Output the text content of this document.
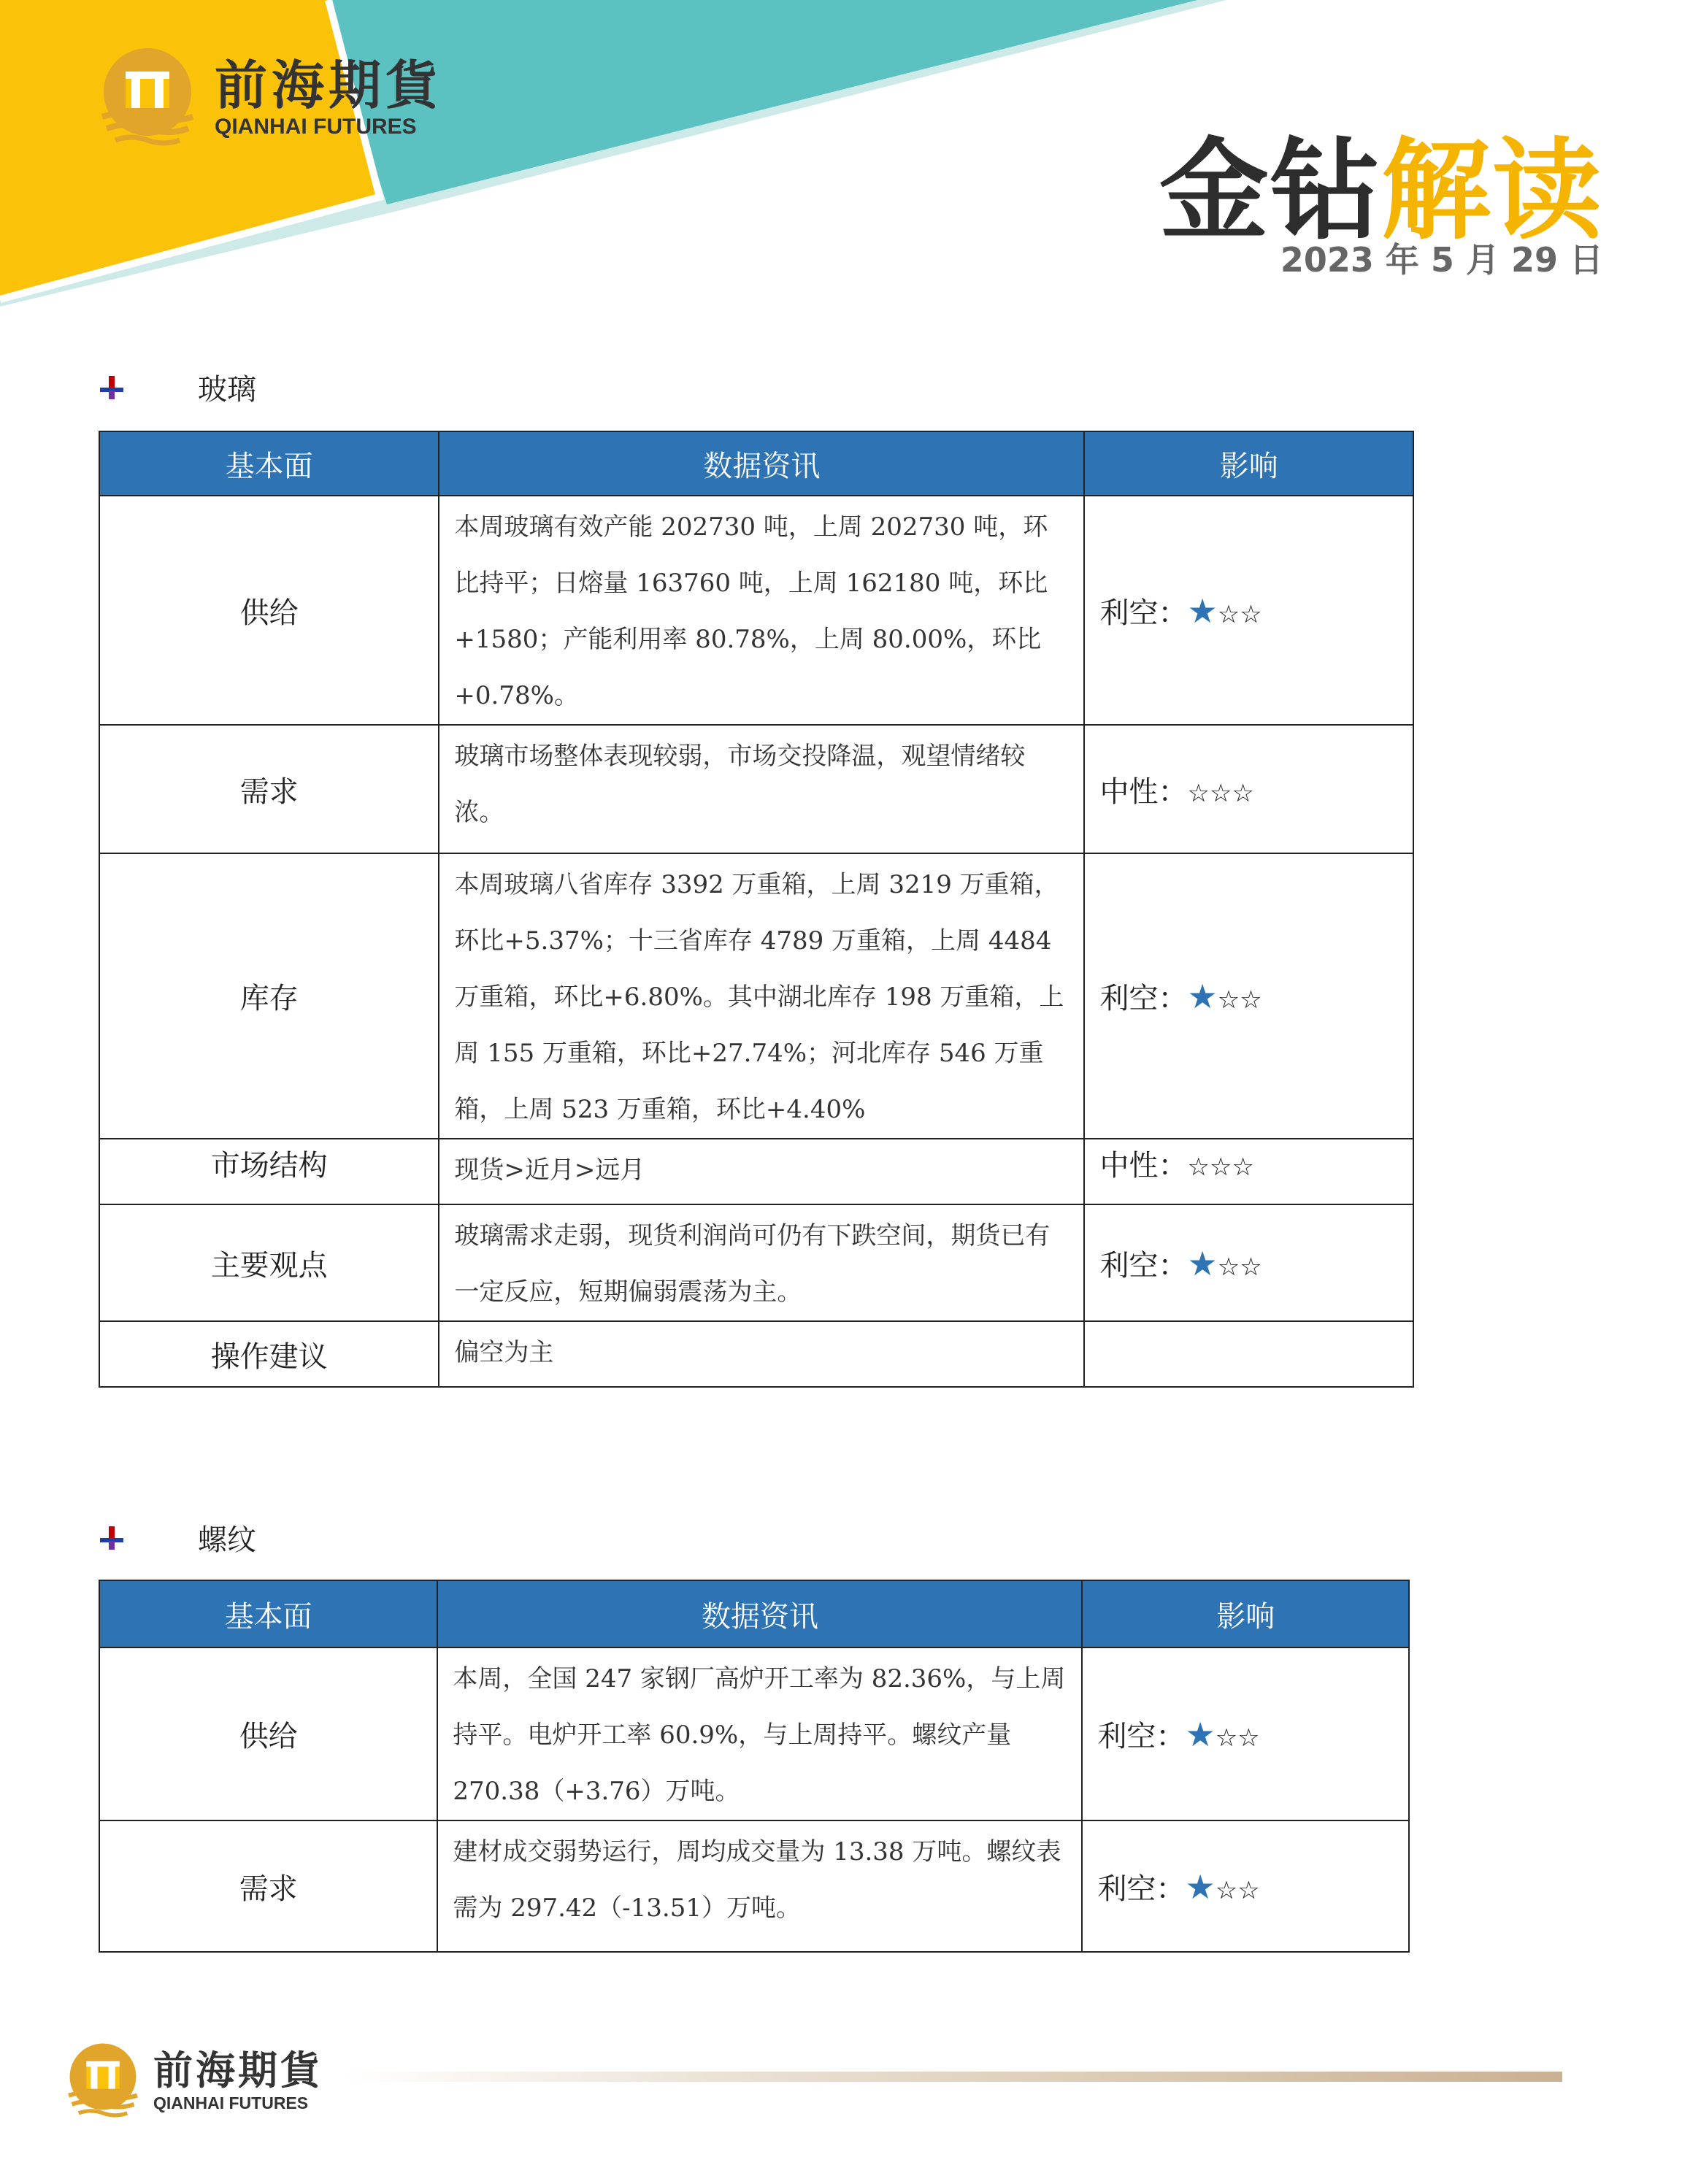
前海期貨
QIANHAI FUTURES
金钻解读
2023 年 5 月 29 日
玻璃
基本面	数据资讯	影响
供给	本周玻璃有效产能 202730 吨，上周 202730 吨，环比持平；日熔量 163760 吨，上周 162180 吨，环比+1580；产能利用率 80.78%，上周 80.00%，环比+0.78%。	利空：★☆☆
需求	玻璃市场整体表现较弱，市场交投降温，观望情绪较浓。	中性：☆☆☆
库存	本周玻璃八省库存 3392 万重箱，上周 3219 万重箱，环比+5.37%；十三省库存 4789 万重箱，上周 4484 万重箱，环比+6.80%。其中湖北库存 198 万重箱，上周 155 万重箱，环比+27.74%；河北库存 546 万重箱，上周 523 万重箱，环比+4.40%	利空：★☆☆
市场结构	现货>近月>远月	中性：☆☆☆
主要观点	玻璃需求走弱，现货利润尚可仍有下跌空间，期货已有一定反应，短期偏弱震荡为主。	利空：★☆☆
操作建议	偏空为主	
螺纹
基本面	数据资讯	影响
供给	本周，全国 247 家钢厂高炉开工率为 82.36%，与上周持平。电炉开工率 60.9%，与上周持平。螺纹产量 270.38（+3.76）万吨。	利空：★☆☆
需求	建材成交弱势运行，周均成交量为 13.38 万吨。螺纹表需为 297.42（-13.51）万吨。	利空：★☆☆
前海期貨
QIANHAI FUTURES
